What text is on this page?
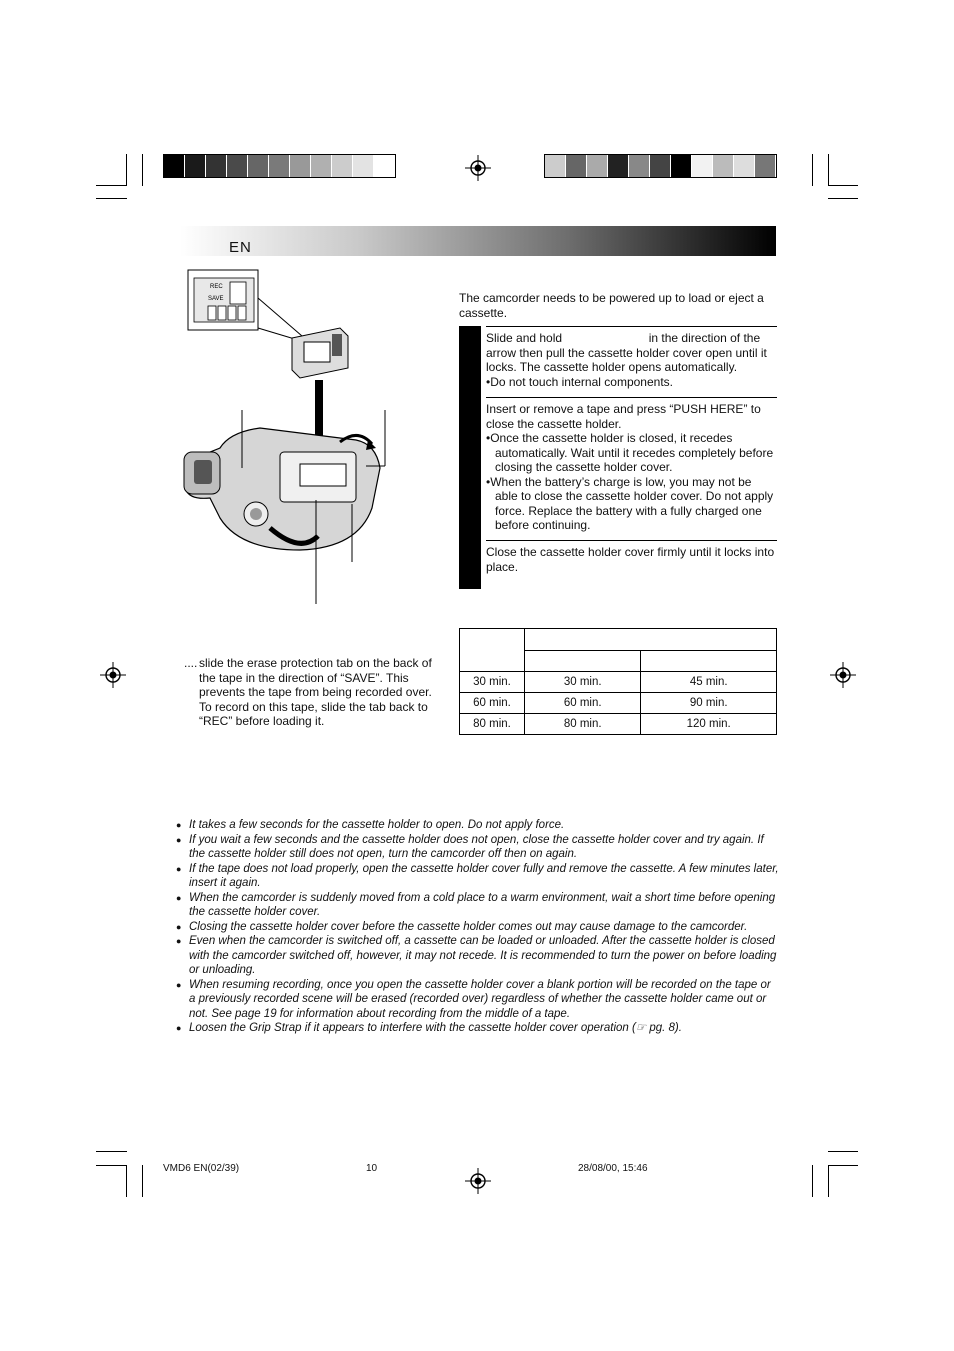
EN
REC
SAVE	The camcorder needs to be powered up to load or eject a cassette.

Slide and hold                          in the direction of the arrow then pull the cassette holder cover open until it locks. The cassette holder opens automatically.

•Do not touch internal components.

Insert or remove a tape and press “PUSH HERE” to close the cassette holder.

•Once the cassette holder is closed, it recedes automatically. Wait until it recedes completely before closing the cassette holder cover.

•When the battery’s charge is low, you may not be able to close the cassette holder cover. Do not apply force. Replace the battery with a fully charged one before continuing.

Close the cassette holder cover firmly until it locks into place.

.... slide the erase protection tab on the back of the tape in the direction of “SAVE”. This prevents the tape from being recorded over. To record on this tape, slide the tab back to “REC” before loading it.

30 min.	30 min.	45 min.
60 min.	60 min.	90 min.
80 min.	80 min.	120 min.
● It takes a few seconds for the cassette holder to open. Do not apply force.
● If you wait a few seconds and the cassette holder does not open, close the cassette holder cover and try again. If the cassette holder still does not open, turn the camcorder off then on again.
● If the tape does not load properly, open the cassette holder cover fully and remove the cassette. A few minutes later, insert it again.
● When the camcorder is suddenly moved from a cold place to a warm environment, wait a short time before opening the cassette holder cover.
● Closing the cassette holder cover before the cassette holder comes out may cause damage to the camcorder.
● Even when the camcorder is switched off, a cassette can be loaded or unloaded. After the cassette holder is closed with the camcorder switched off, however, it may not recede. It is recommended to turn the power on before loading or unloading.
● When resuming recording, once you open the cassette holder cover a blank portion will be recorded on the tape or a previously recorded scene will be erased (recorded over) regardless of whether the cassette holder came out or not. See page 19 for information about recording from the middle of a tape.
● Loosen the Grip Strap if it appears to interfere with the cassette holder cover operation (☞ pg. 8).
VMD6 EN(02/39)	10	28/08/00, 15:46
